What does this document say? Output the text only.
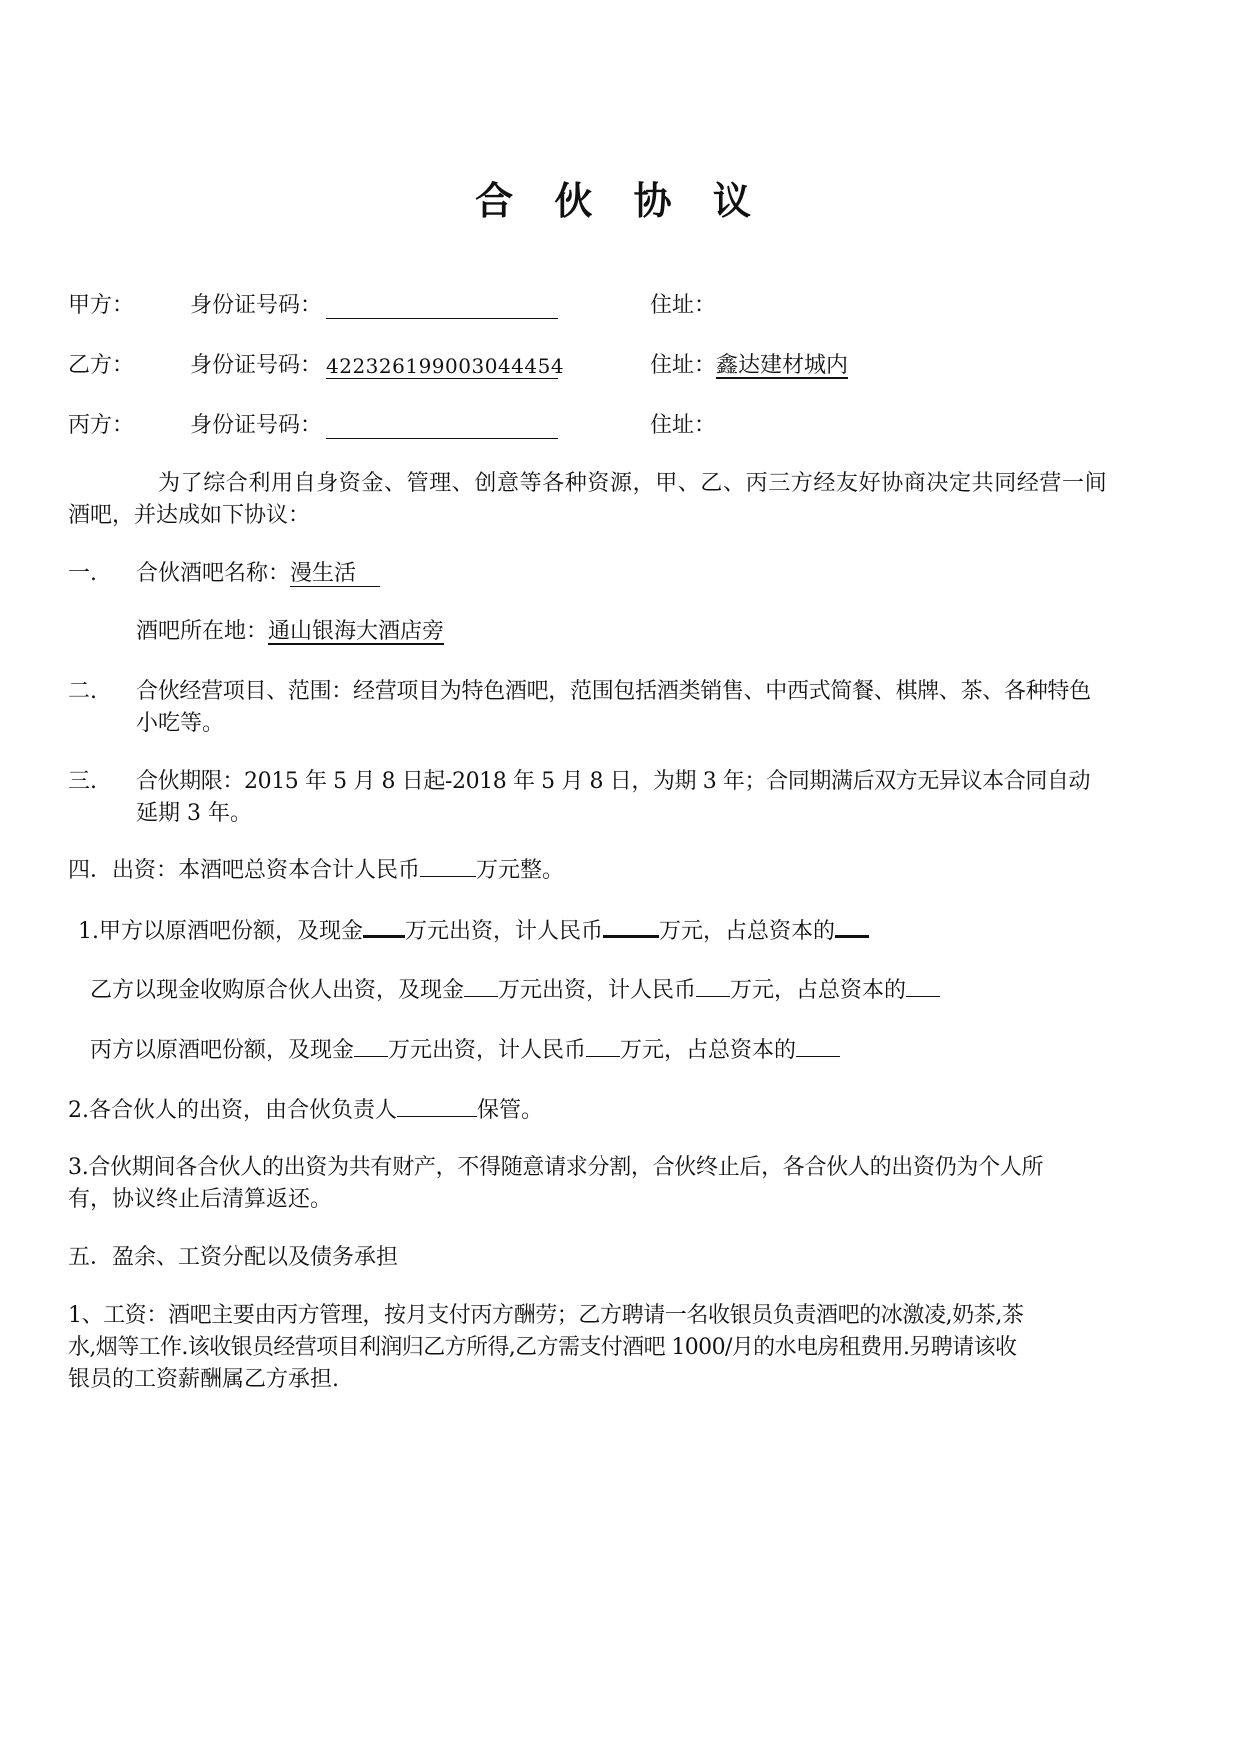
合 伙 协 议
甲方：	身份证号码：	住址：
乙方：	身份证号码： 422326199003044454	住址： 鑫达建材城内
丙方：	身份证号码：	住址：
为了综合利用自身资金、管理、创意等各种资源，甲、乙、丙三方经友好协商决定共同经营一间
酒吧，并达成如下协议：
一. 合伙酒吧名称： 漫生活
酒吧所在地： 通山银海大酒店旁
二. 合伙经营项目、范围：经营项目为特色酒吧，范围包括酒类销售、中西式简餐、棋牌、茶、各种特色
小吃等。
三. 合伙期限：2015 年 5 月 8 日起-2018 年 5 月 8 日，为期 3 年；合同期满后双方无异议本合同自动
延期 3 年。
四．出资：本酒吧总资本合计人民币	万元整。
1.甲方以原酒吧份额，及现金 万元出资，计人民币	万元，占总资本的
乙方以现金收购原合伙人出资，及现金 万元出资，计人民币 万元，占总资本的
丙方以原酒吧份额，及现金 万元出资，计人民币 万元，占总资本的
2.各合伙人的出资，由合伙负责人	保管。
3.合伙期间各合伙人的出资为共有财产，不得随意请求分割，合伙终止后，各合伙人的出资仍为个人所
有，协议终止后清算返还。
五．盈余、工资分配以及债务承担
1、工资：酒吧主要由丙方管理，按月支付丙方酬劳；乙方聘请一名收银员负责酒吧的冰激凌,奶茶,茶
水,烟等工作.该收银员经营项目利润归乙方所得,乙方需支付酒吧 1000/月的水电房租费用.另聘请该收
银员的工资薪酬属乙方承担.
